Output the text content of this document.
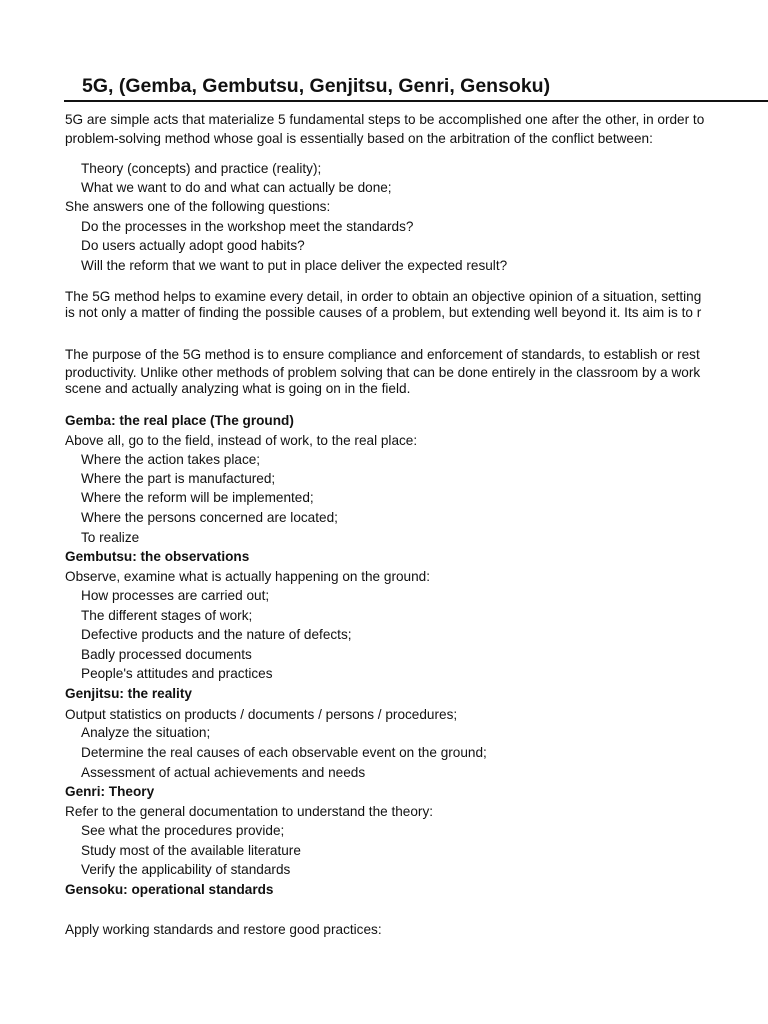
5G, (Gemba, Gembutsu, Genjitsu, Genri, Gensoku)
5G are simple acts that materialize 5 fundamental steps to be accomplished one after the other, in order to
problem-solving method whose goal is essentially based on the arbitration of the conflict between:
Theory (concepts) and practice (reality);
What we want to do and what can actually be done;
She answers one of the following questions:
Do the processes in the workshop meet the standards?
Do users actually adopt good habits?
Will the reform that we want to put in place deliver the expected result?
The 5G method helps to examine every detail, in order to obtain an objective opinion of a situation, setting
is not only a matter of finding the possible causes of a problem, but extending well beyond it. Its aim is to r
The purpose of the 5G method is to ensure compliance and enforcement of standards, to establish or rest
productivity. Unlike other methods of problem solving that can be done entirely in the classroom by a work
scene and actually analyzing what is going on in the field.
Gemba: the real place (The ground)
Above all, go to the field, instead of work, to the real place:
Where the action takes place;
Where the part is manufactured;
Where the reform will be implemented;
Where the persons concerned are located;
To realize
Gembutsu: the observations
Observe, examine what is actually happening on the ground:
How processes are carried out;
The different stages of work;
Defective products and the nature of defects;
Badly processed documents
People's attitudes and practices
Genjitsu: the reality
Output statistics on products / documents / persons / procedures;
Analyze the situation;
Determine the real causes of each observable event on the ground;
Assessment of actual achievements and needs
Genri: Theory
Refer to the general documentation to understand the theory:
See what the procedures provide;
Study most of the available literature
Verify the applicability of standards
Gensoku: operational standards
Apply working standards and restore good practices:
